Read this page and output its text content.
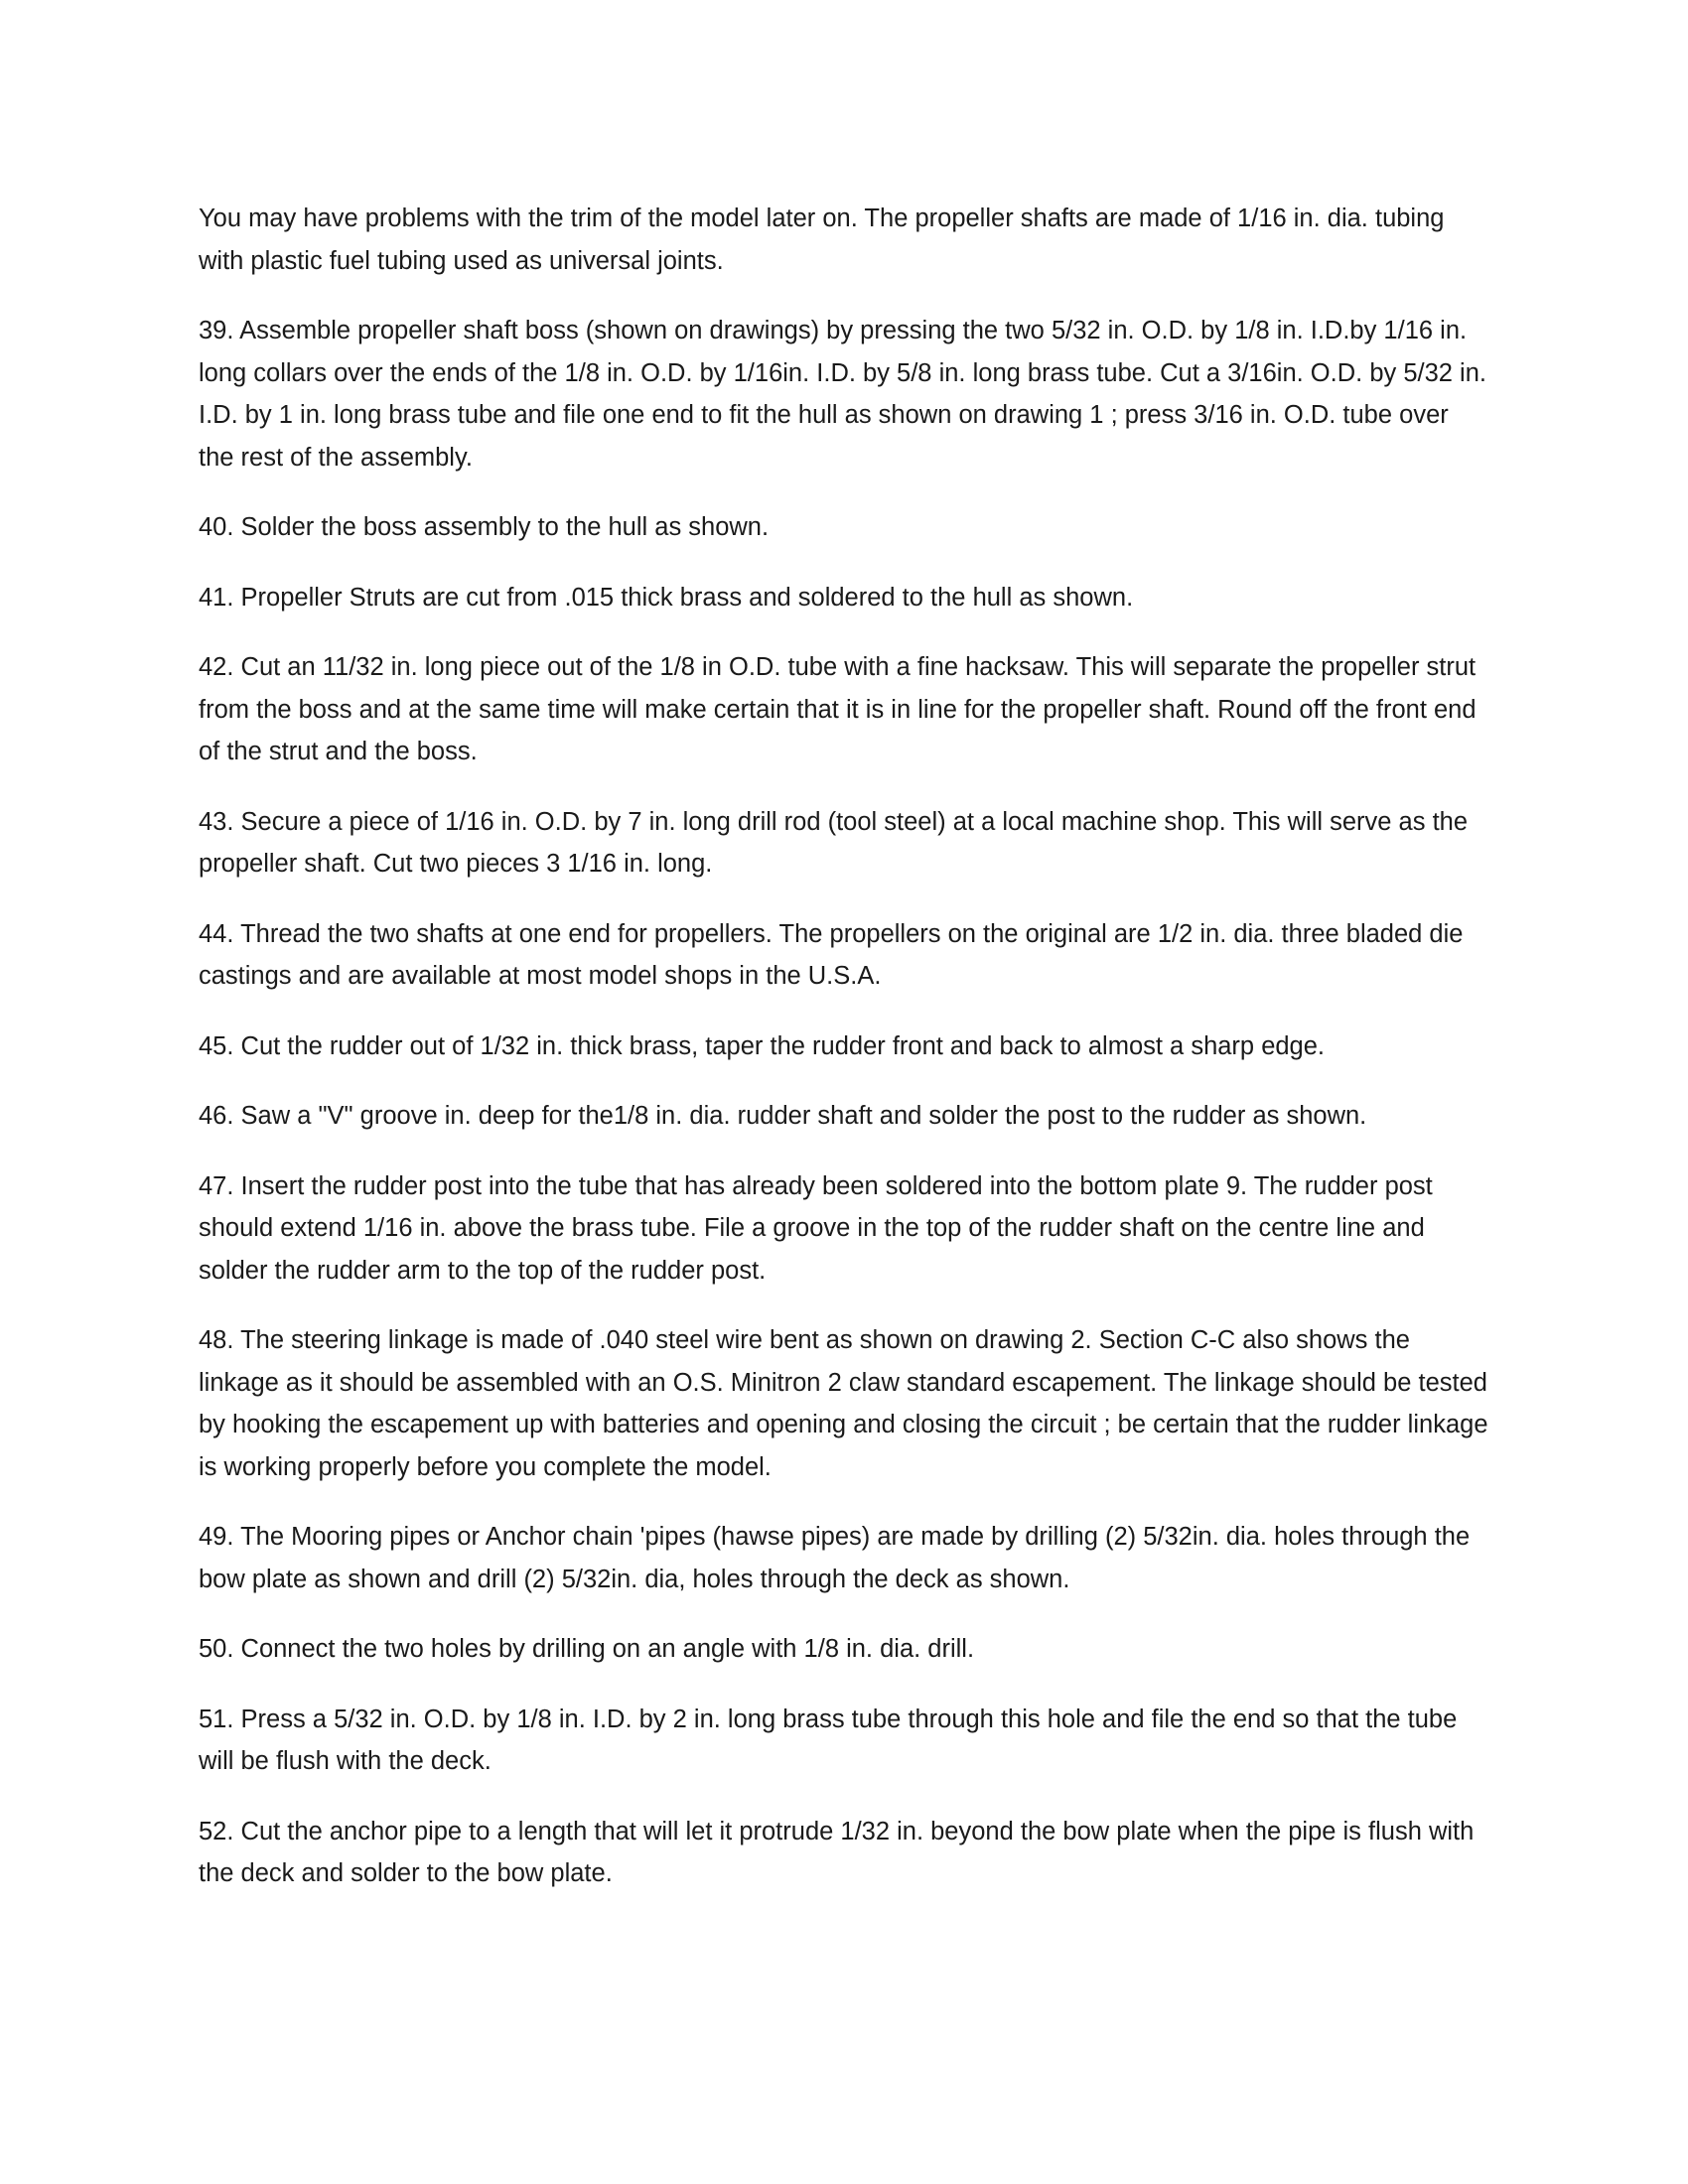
You may have problems with the trim of the model later on. The propeller shafts are made of 1/16 in. dia. tubing with plastic fuel tubing used as universal joints.

39. Assemble propeller shaft boss (shown on drawings) by pressing the two 5/32 in. O.D. by 1/8 in. I.D.by 1/16 in. long collars over the ends of the 1/8 in. O.D. by 1/16in. I.D. by 5/8 in. long brass tube. Cut a 3/16in. O.D. by 5/32 in. I.D. by 1 in. long brass tube and file one end to fit the hull as shown on drawing 1 ; press 3/16 in. O.D. tube over the rest of the assembly.

40. Solder the boss assembly to the hull as shown.

41. Propeller Struts are cut from .015 thick brass and soldered to the hull as shown.

42. Cut an 11/32 in. long piece out of the 1/8 in O.D. tube with a fine hacksaw. This will separate the propeller strut from the boss and at the same time will make certain that it is in line for the propeller shaft. Round off the front end of the strut and the boss.

43. Secure a piece of 1/16 in. O.D. by 7 in. long drill rod (tool steel) at a local machine shop. This will serve as the propeller shaft. Cut two pieces 3 1/16 in. long.

44. Thread the two shafts at one end for propellers. The propellers on the original are 1/2 in. dia. three bladed die castings and are available at most model shops in the U.S.A.

45. Cut the rudder out of 1/32 in. thick brass, taper the rudder front and back to almost a sharp edge.

46. Saw a "V" groove in. deep for the1/8 in. dia. rudder shaft and solder the post to the rudder as shown.

47. Insert the rudder post into the tube that has already been soldered into the bottom plate 9. The rudder post should extend 1/16 in. above the brass tube. File a groove in the top of the rudder shaft on the centre line and solder the rudder arm to the top of the rudder post.

48. The steering linkage is made of .040 steel wire bent as shown on drawing 2. Section C-C also shows the linkage as it should be assembled with an O.S. Minitron 2 claw standard escapement. The linkage should be tested by hooking the escapement up with batteries and opening and closing the circuit ; be certain that the rudder linkage is working properly before you complete the model.

49. The Mooring pipes or Anchor chain 'pipes (hawse pipes) are made by drilling (2) 5/32in. dia. holes through the bow plate as shown and drill (2) 5/32in. dia, holes through the deck as shown.

50. Connect the two holes by drilling on an angle with 1/8 in. dia. drill.

51. Press a 5/32 in. O.D. by 1/8 in. I.D. by 2 in. long brass tube through this hole and file the end so that the tube will be flush with the deck.

52. Cut the anchor pipe to a length that will let it protrude 1/32 in. beyond the bow plate when the pipe is flush with the deck and solder to the bow plate.
